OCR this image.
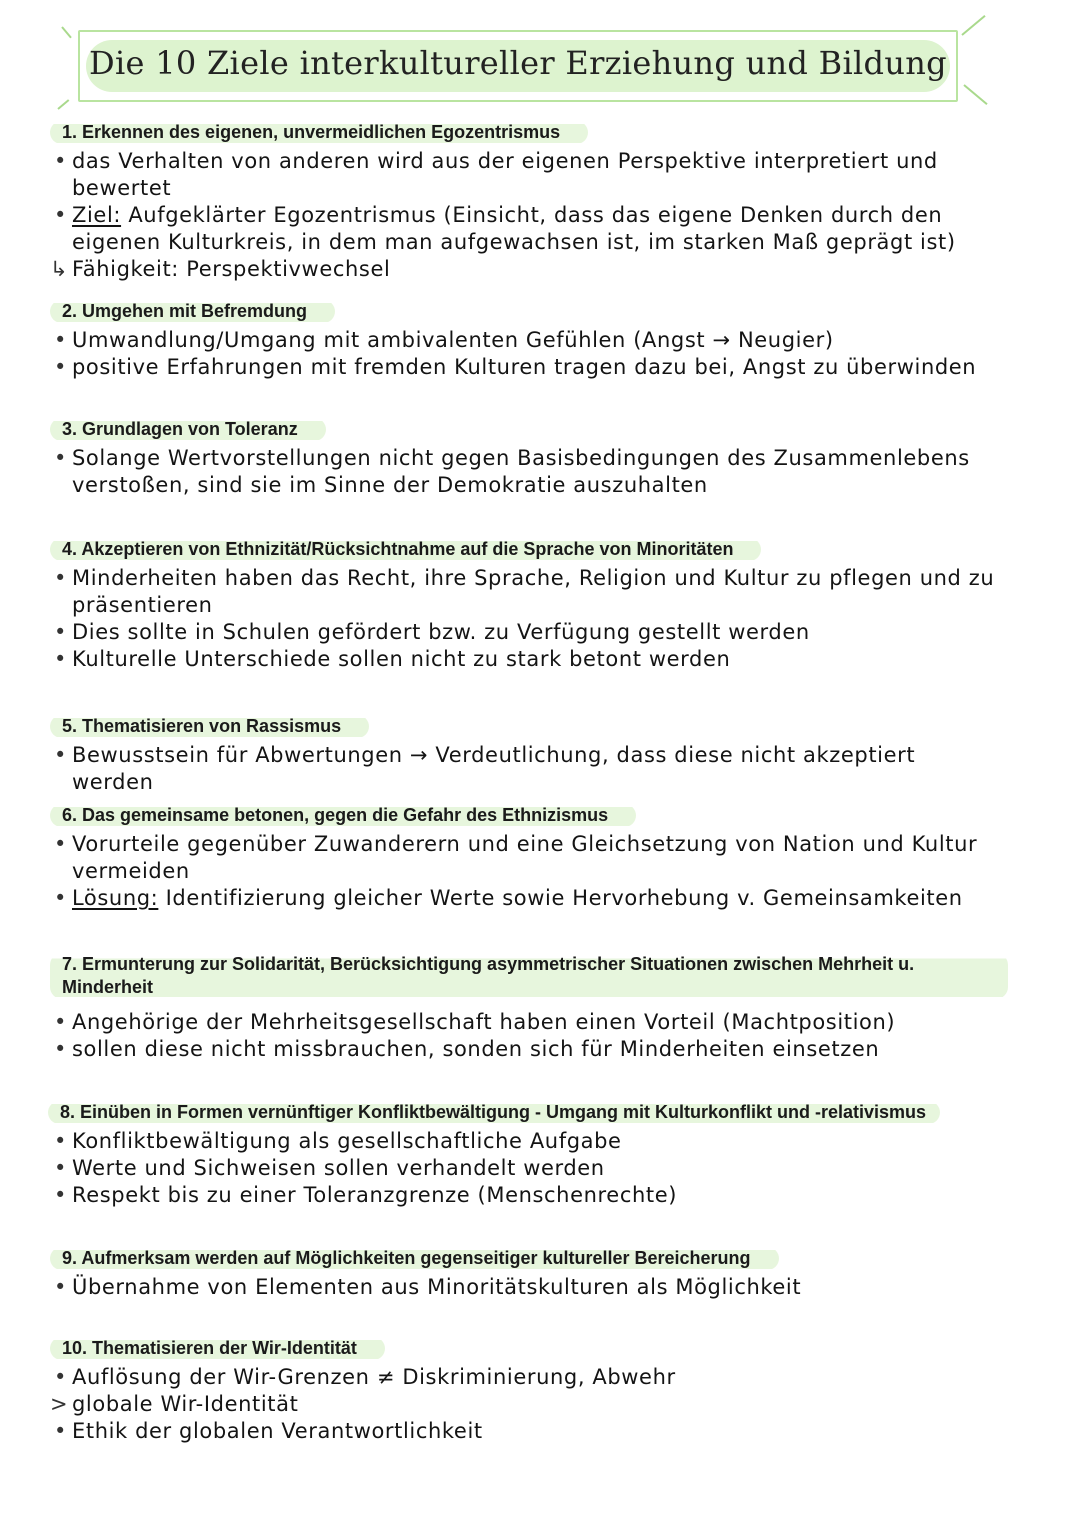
Die 10 Ziele interkultureller Erziehung und Bildung
1. Erkennen des eigenen, unvermeidlichen Egozentrismus
• das Verhalten von anderen wird aus der eigenen Perspektive interpretiert und bewertet
• Ziel: Aufgeklärter Egozentrismus (Einsicht, dass das eigene Denken durch den eigenen Kulturkreis, in dem man aufgewachsen ist, im starken Maß geprägt ist)
↳ Fähigkeit: Perspektivwechsel
2. Umgehen mit Befremdung
• Umwandlung/Umgang mit ambivalenten Gefühlen (Angst → Neugier)
• positive Erfahrungen mit fremden Kulturen tragen dazu bei, Angst zu überwinden
3. Grundlagen von Toleranz
• Solange Wertvorstellungen nicht gegen Basisbedingungen des Zusammenlebens verstoßen, sind sie im Sinne der Demokratie auszuhalten
4. Akzeptieren von Ethnizität/Rücksichtnahme auf die Sprache von Minoritäten
• Minderheiten haben das Recht, ihre Sprache, Religion und Kultur zu pflegen und zu präsentieren
• Dies sollte in Schulen gefördert bzw. zu Verfügung gestellt werden
• Kulturelle Unterschiede sollen nicht zu stark betont werden
5. Thematisieren von Rassismus
• Bewusstsein für Abwertungen → Verdeutlichung, dass diese nicht akzeptiert werden
6. Das gemeinsame betonen, gegen die Gefahr des Ethnizismus
• Vorurteile gegenüber Zuwanderern und eine Gleichsetzung von Nation und Kultur vermeiden
• Lösung: Identifizierung gleicher Werte sowie Hervorhebung v. Gemeinsamkeiten
7. Ermunterung zur Solidarität, Berücksichtigung asymmetrischer Situationen zwischen Mehrheit u. Minderheit
• Angehörige der Mehrheitsgesellschaft haben einen Vorteil (Machtposition)
• sollen diese nicht missbrauchen, sonden sich für Minderheiten einsetzen
8. Einüben in Formen vernünftiger Konfliktbewältigung - Umgang mit Kulturkonflikt und -relativismus
• Konfliktbewältigung als gesellschaftliche Aufgabe
• Werte und Sichweisen sollen verhandelt werden
• Respekt bis zu einer Toleranzgrenze (Menschenrechte)
9. Aufmerksam werden auf Möglichkeiten gegenseitiger kultureller Bereicherung
• Übernahme von Elementen aus Minoritätskulturen als Möglichkeit
10. Thematisieren der Wir-Identität
• Auflösung der Wir-Grenzen ≠ Diskriminierung, Abwehr
> globale Wir-Identität
• Ethik der globalen Verantwortlichkeit
